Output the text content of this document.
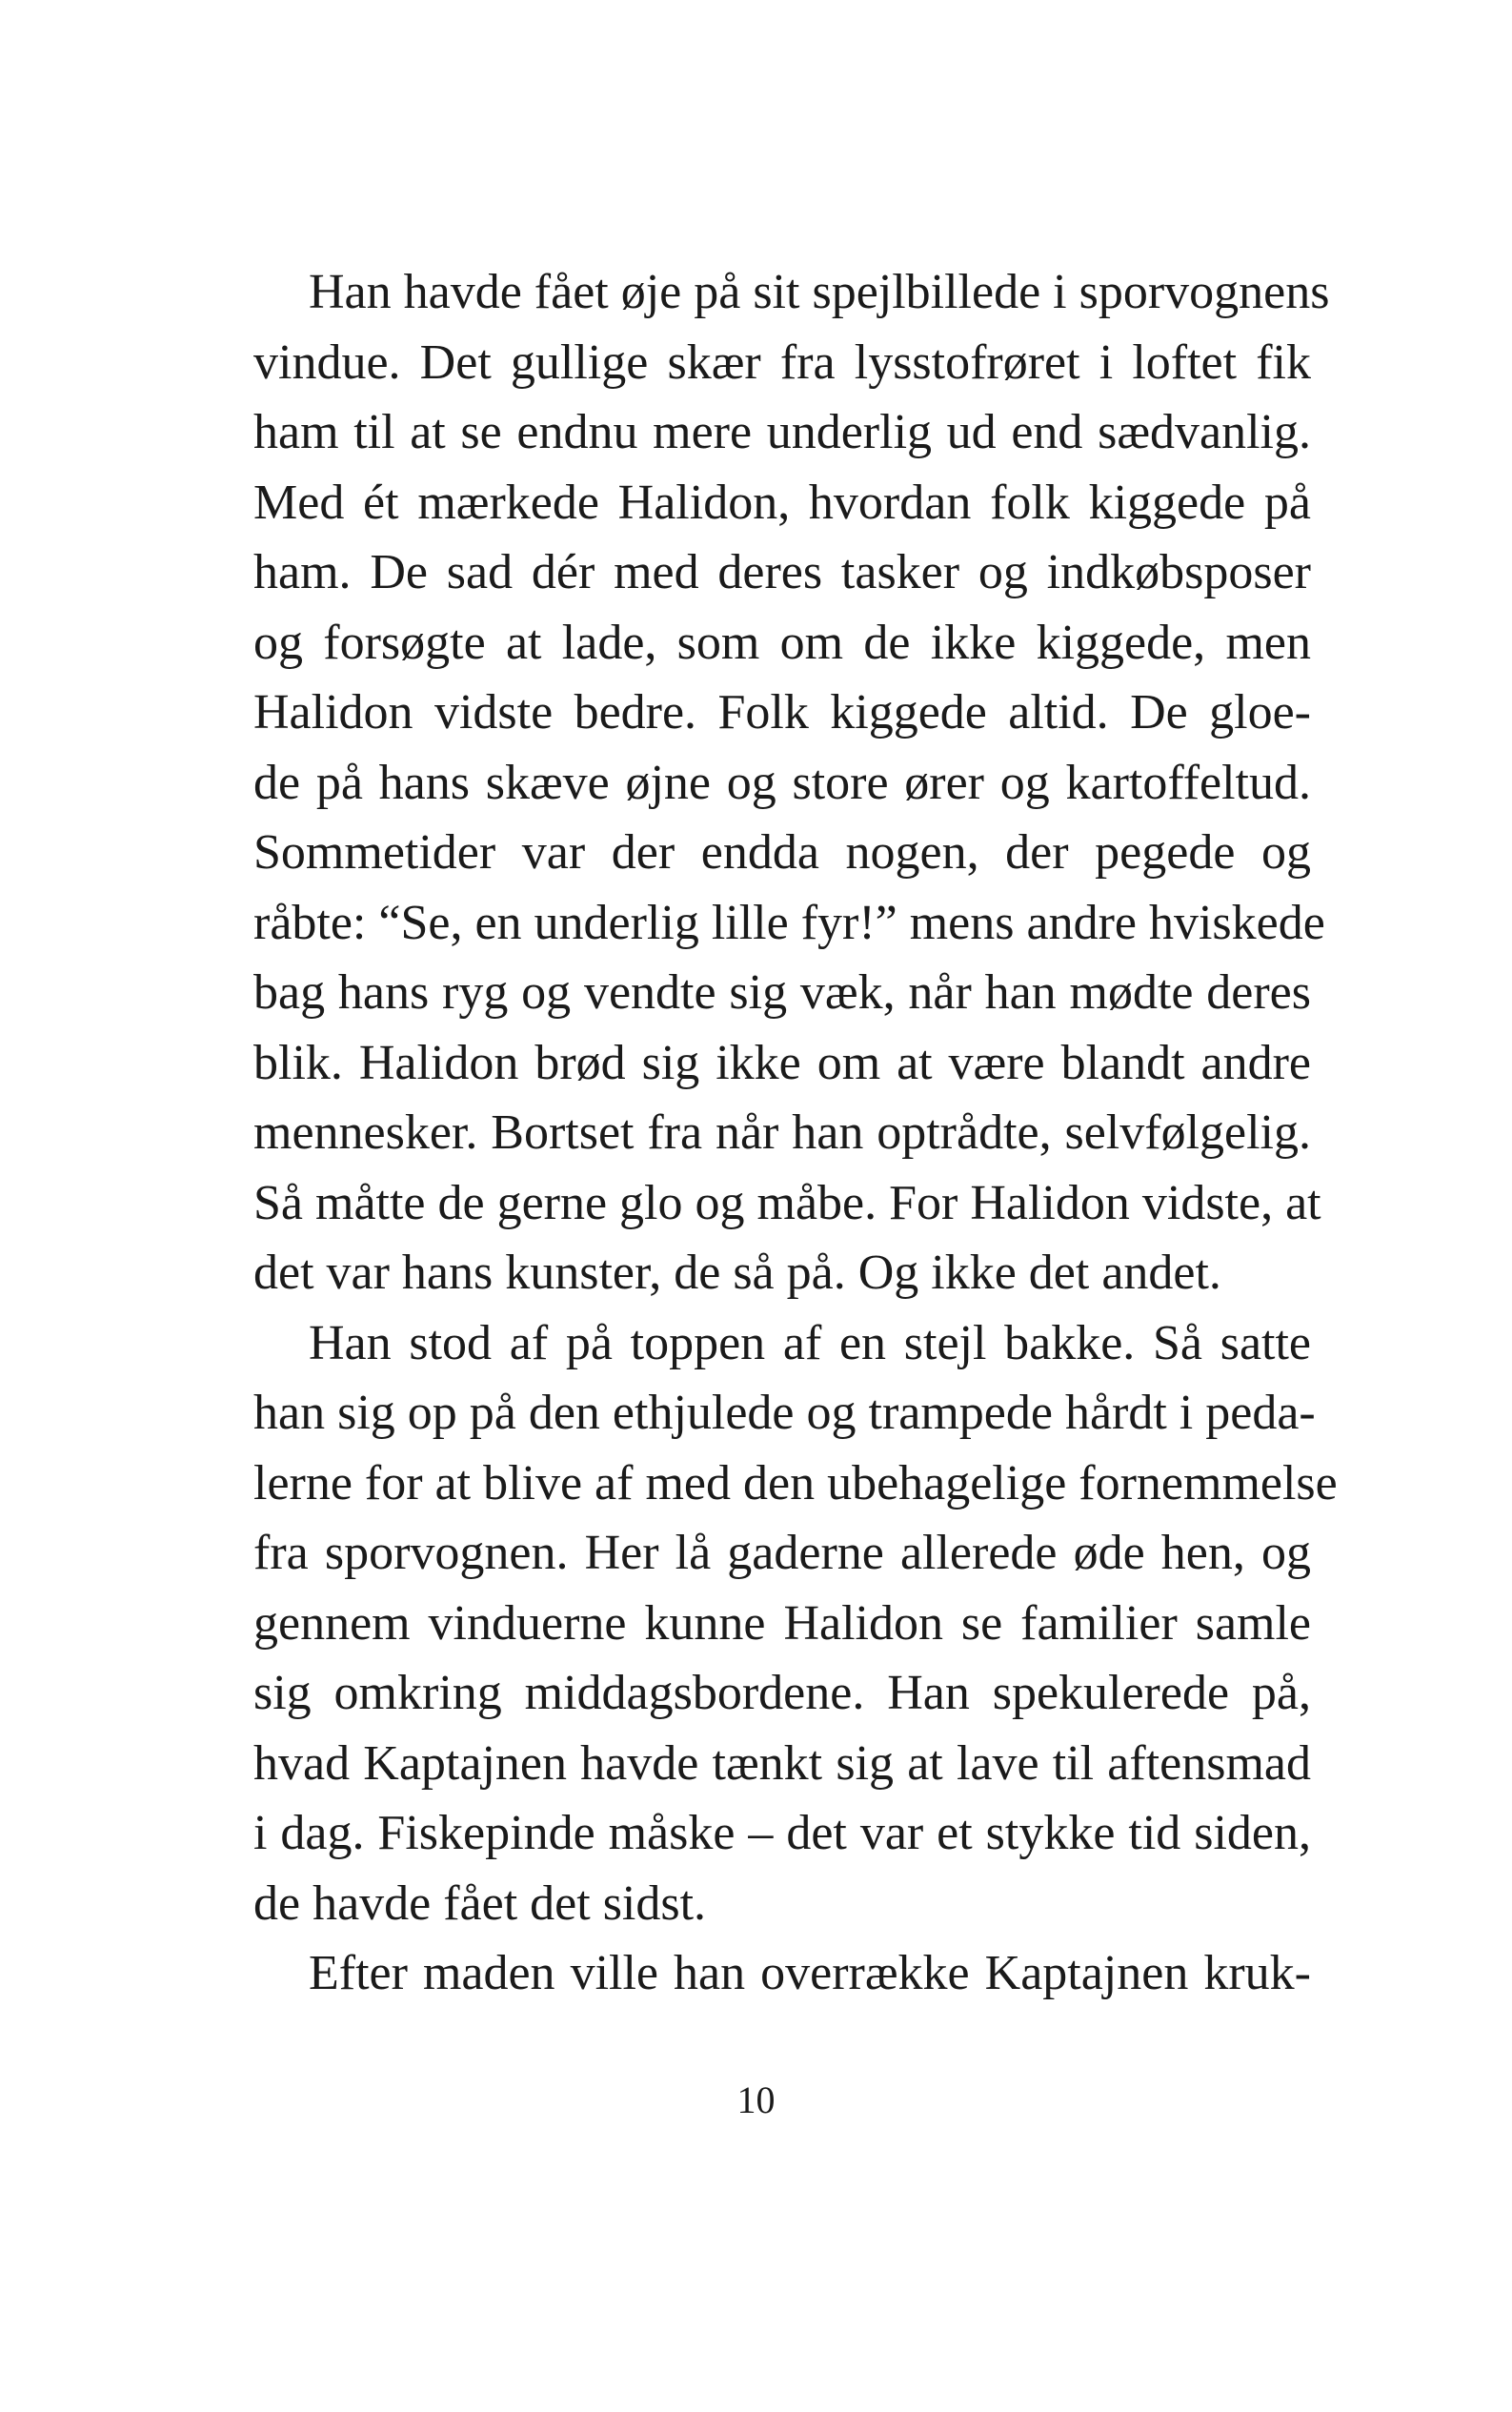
Han havde fået øje på sit spejlbillede i sporvognens
vindue. Det gullige skær fra lysstofrøret i loftet fik
ham til at se endnu mere underlig ud end sædvanlig.
Med ét mærkede Halidon, hvordan folk kiggede på
ham. De sad dér med deres tasker og indkøbsposer
og forsøgte at lade, som om de ikke kiggede, men
Halidon vidste bedre. Folk kiggede altid. De gloe-
de på hans skæve øjne og store ører og kartoffeltud.
Sommetider var der endda nogen, der pegede og
råbte: “Se, en underlig lille fyr!” mens andre hviskede
bag hans ryg og vendte sig væk, når han mødte deres
blik. Halidon brød sig ikke om at være blandt andre
mennesker. Bortset fra når han optrådte, selvfølgelig.
Så måtte de gerne glo og måbe. For Halidon vidste, at
det var hans kunster, de så på. Og ikke det andet.
Han stod af på toppen af en stejl bakke. Så satte
han sig op på den ethjulede og trampede hårdt i peda-
lerne for at blive af med den ubehagelige fornemmelse
fra sporvognen. Her lå gaderne allerede øde hen, og
gennem vinduerne kunne Halidon se familier samle
sig omkring middagsbordene. Han spekulerede på,
hvad Kaptajnen havde tænkt sig at lave til aftensmad
i dag. Fiskepinde måske – det var et stykke tid siden,
de havde fået det sidst.
Efter maden ville han overrække Kaptajnen kruk-
10
